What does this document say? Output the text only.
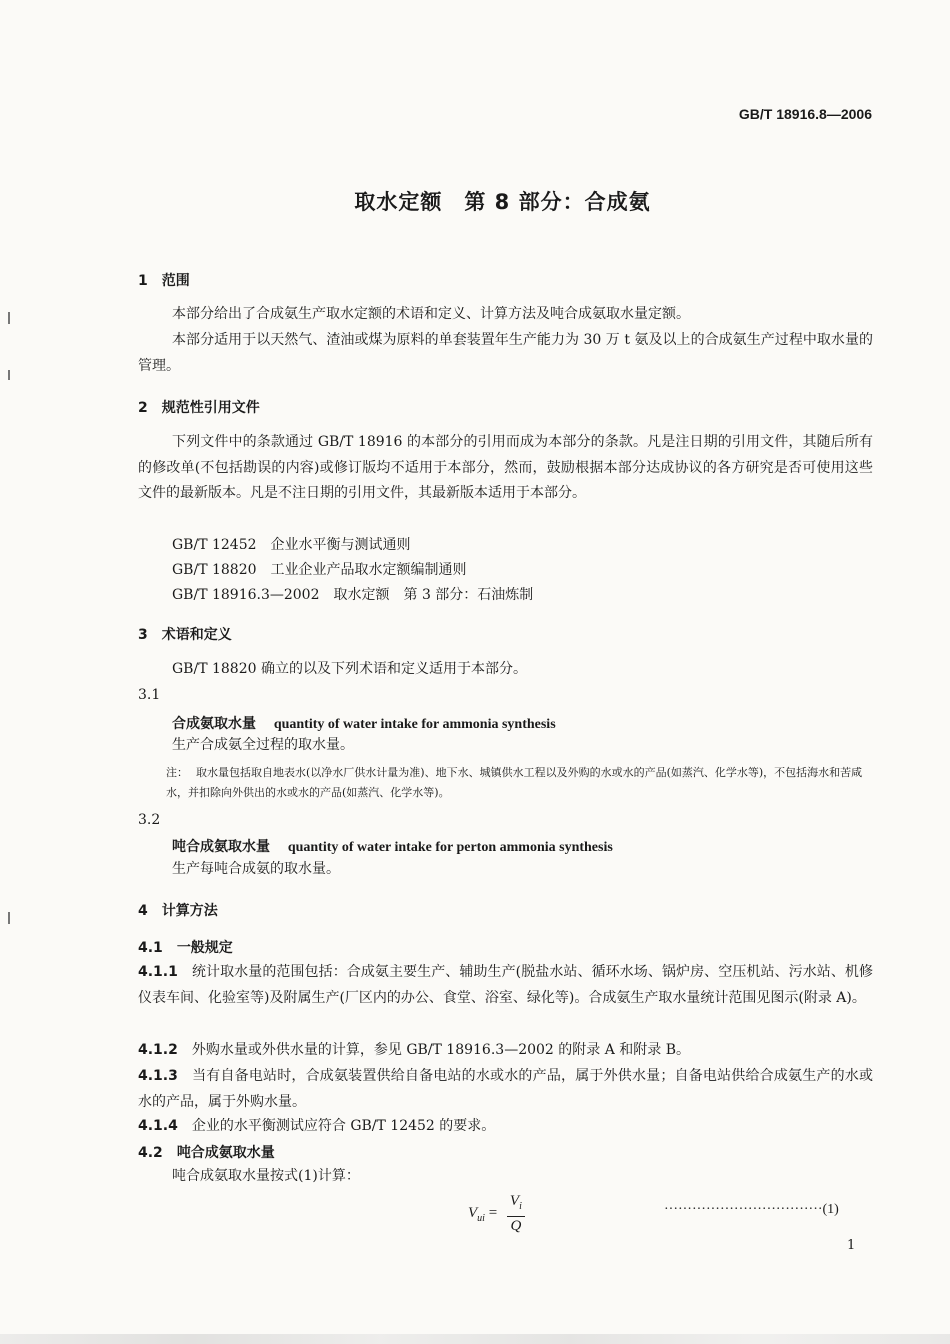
GB/T 18916.8—2006
取水定额　第 8 部分：合成氨
1 范围
本部分给出了合成氨生产取水定额的术语和定义、计算方法及吨合成氨取水量定额。
本部分适用于以天然气、渣油或煤为原料的单套装置年生产能力为 30 万 t 氨及以上的合成氨生产过程中取水量的管理。
2 规范性引用文件
下列文件中的条款通过 GB/T 18916 的本部分的引用而成为本部分的条款。凡是注日期的引用文件，其随后所有的修改单(不包括勘误的内容)或修订版均不适用于本部分，然而，鼓励根据本部分达成协议的各方研究是否可使用这些文件的最新版本。凡是不注日期的引用文件，其最新版本适用于本部分。
GB/T 12452　企业水平衡与测试通则
GB/T 18820　工业企业产品取水定额编制通则
GB/T 18916.3—2002　取水定额　第 3 部分：石油炼制
3 术语和定义
GB/T 18820 确立的以及下列术语和定义适用于本部分。
3.1
合成氨取水量 quantity of water intake for ammonia synthesis
生产合成氨全过程的取水量。
注： 取水量包括取自地表水(以净水厂供水计量为准)、地下水、城镇供水工程以及外购的水或水的产品(如蒸汽、化学水等)，不包括海水和苦咸水，并扣除向外供出的水或水的产品(如蒸汽、化学水等)。
3.2
吨合成氨取水量 quantity of water intake for perton ammonia synthesis
生产每吨合成氨的取水量。
4 计算方法
4.1 一般规定
4.1.1 统计取水量的范围包括：合成氨主要生产、辅助生产(脱盐水站、循环水场、锅炉房、空压机站、污水站、机修仪表车间、化验室等)及附属生产(厂区内的办公、食堂、浴室、绿化等)。合成氨生产取水量统计范围见图示(附录 A)。
4.1.2 外购水量或外供水量的计算，参见 GB/T 18916.3—2002 的附录 A 和附录 B。
4.1.3 当有自备电站时，合成氨装置供给自备电站的水或水的产品，属于外供水量；自备电站供给合成氨生产的水或水的产品，属于外购水量。
4.1.4 企业的水平衡测试应符合 GB/T 12452 的要求。
4.2 吨合成氨取水量
吨合成氨取水量按式(1)计算：
$V_{ui} = \frac{V_i}{Q}$	··································(1)
1
